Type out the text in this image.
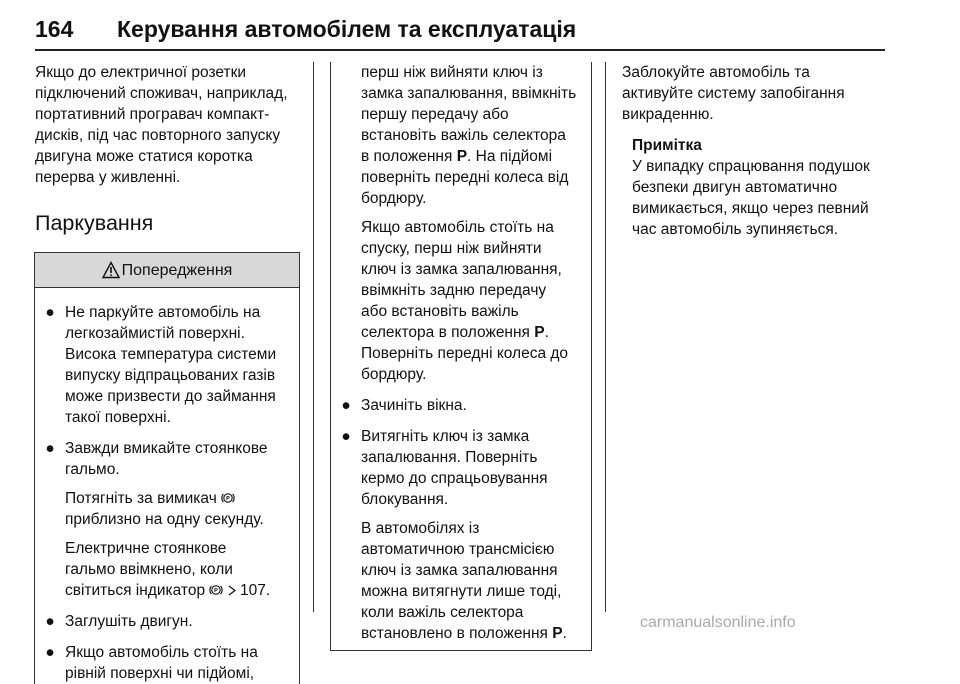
164 Керування автомобілем та експлуатація

Якщо до електричної розетки
підключений споживач, наприклад,
портативний програвач компакт-
дисків, під час повторного запуску
двигуна може статися коротка
перерва у живленні.

Паркування
Попередження
● Не паркуйте автомобіль на
легкозаймистій поверхні.
Висока температура системи
випуску відпрацьованих газів
може призвести до займання
такої поверхні.

● Завжди вмикайте стоянкове
гальмо.

Потягніть за вимикач P

приблизно на одну секунду.

Електричне стоянкове
гальмо ввімкнено, коли
світиться індикатор P 107.

● Заглушіть двигун.

● Якщо автомобіль стоїть на
рівній поверхні чи підйомі,

перш ніж вийняти ключ із
замка запалювання, ввімкніть
першу передачу або
встановіть важіль селектора
в положення P. На підйомі
поверніть передні колеса від
бордюру.

Якщо автомобіль стоїть на
спуску, перш ніж вийняти
ключ із замка запалювання,
ввімкніть задню передачу
або встановіть важіль
селектора в положення P.
Поверніть передні колеса до
бордюру.

● Зачиніть вікна.

● Витягніть ключ із замка
запалювання. Поверніть
кермо до спрацьовування
блокування.

В автомобілях із
автоматичною трансмісією
ключ із замка запалювання
можна витягнути лише тоді,
коли важіль селектора
встановлено в положення P.

Заблокуйте автомобіль та
активуйте систему запобігання
викраденню.

Примітка

У випадку спрацювання подушок
безпеки двигун автоматично
вимикається, якщо через певний
час автомобіль зупиняється.

carmanualsonline.info
